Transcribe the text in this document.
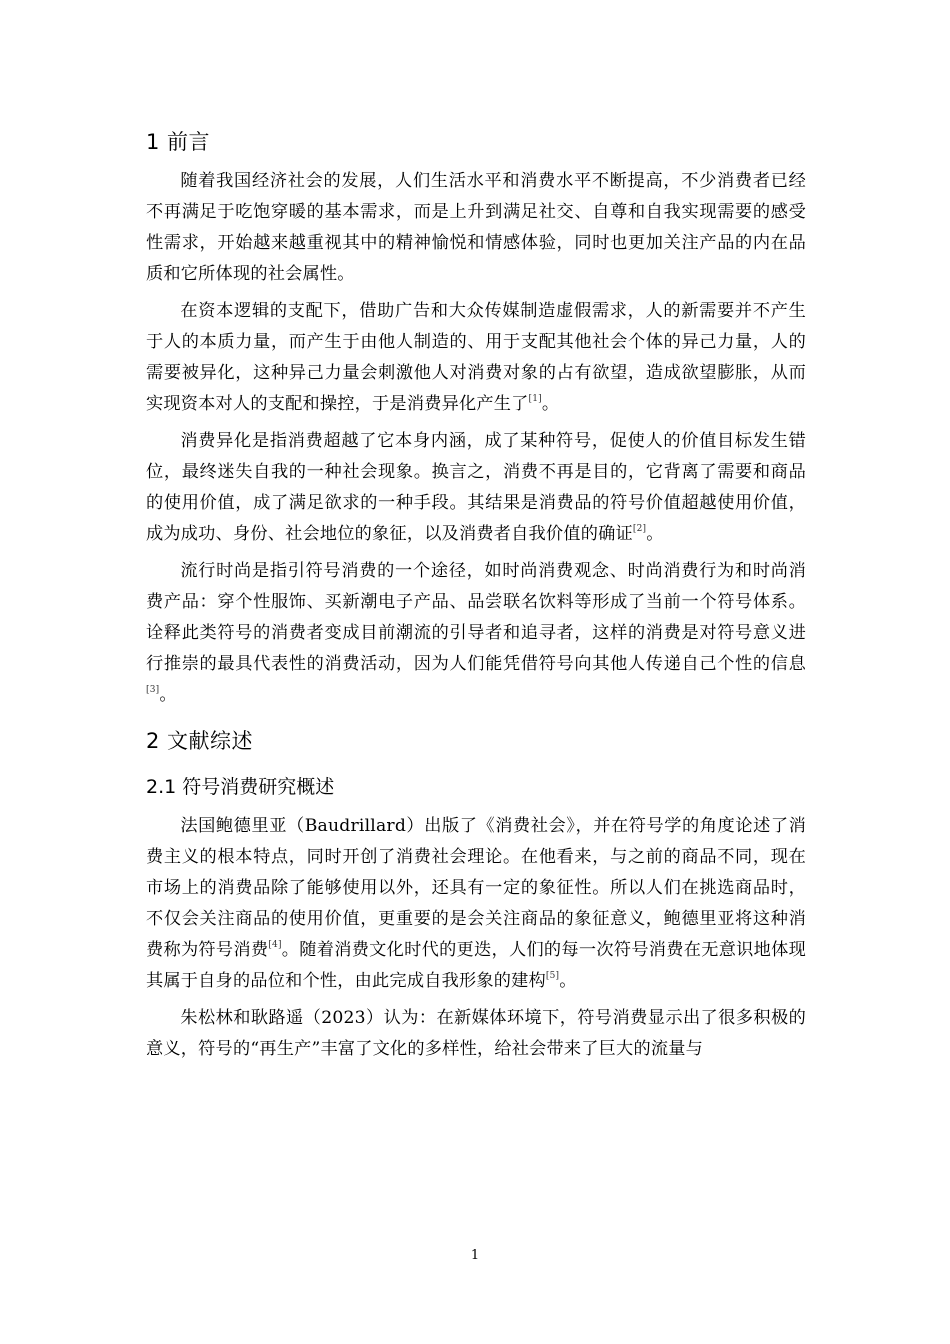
1 前言

随着我国经济社会的发展，人们生活水平和消费水平不断提高，不少消费者已经不再满足于吃饱穿暖的基本需求，而是上升到满足社交、自尊和自我实现需要的感受性需求，开始越来越重视其中的精神愉悦和情感体验，同时也更加关注产品的内在品质和它所体现的社会属性。

在资本逻辑的支配下，借助广告和大众传媒制造虚假需求，人的新需要并不产生于人的本质力量，而产生于由他人制造的、用于支配其他社会个体的异己力量，人的需要被异化，这种异己力量会刺激他人对消费对象的占有欲望，造成欲望膨胀，从而实现资本对人的支配和操控，于是消费异化产生了[1]。

消费异化是指消费超越了它本身内涵，成了某种符号，促使人的价值目标发生错位，最终迷失自我的一种社会现象。换言之，消费不再是目的，它背离了需要和商品的使用价值，成了满足欲求的一种手段。其结果是消费品的符号价值超越使用价值，成为成功、身份、社会地位的象征，以及消费者自我价值的确证[2]。

流行时尚是指引符号消费的一个途径，如时尚消费观念、时尚消费行为和时尚消费产品：穿个性服饰、买新潮电子产品、品尝联名饮料等形成了当前一个符号体系。诠释此类符号的消费者变成目前潮流的引导者和追寻者，这样的消费是对符号意义进行推崇的最具代表性的消费活动，因为人们能凭借符号向其他人传递自己个性的信息[3]。

2 文献综述
2.1 符号消费研究概述

法国鲍德里亚（Baudrillard）出版了《消费社会》，并在符号学的角度论述了消费主义的根本特点，同时开创了消费社会理论。在他看来，与之前的商品不同，现在市场上的消费品除了能够使用以外，还具有一定的象征性。所以人们在挑选商品时，不仅会关注商品的使用价值，更重要的是会关注商品的象征意义，鲍德里亚将这种消费称为符号消费[4]。随着消费文化时代的更迭，人们的每一次符号消费在无意识地体现其属于自身的品位和个性，由此完成自我形象的建构[5]。

朱松林和耿路遥（2023）认为：在新媒体环境下，符号消费显示出了很多积极的意义，符号的“再生产”丰富了文化的多样性，给社会带来了巨大的流量与

1
